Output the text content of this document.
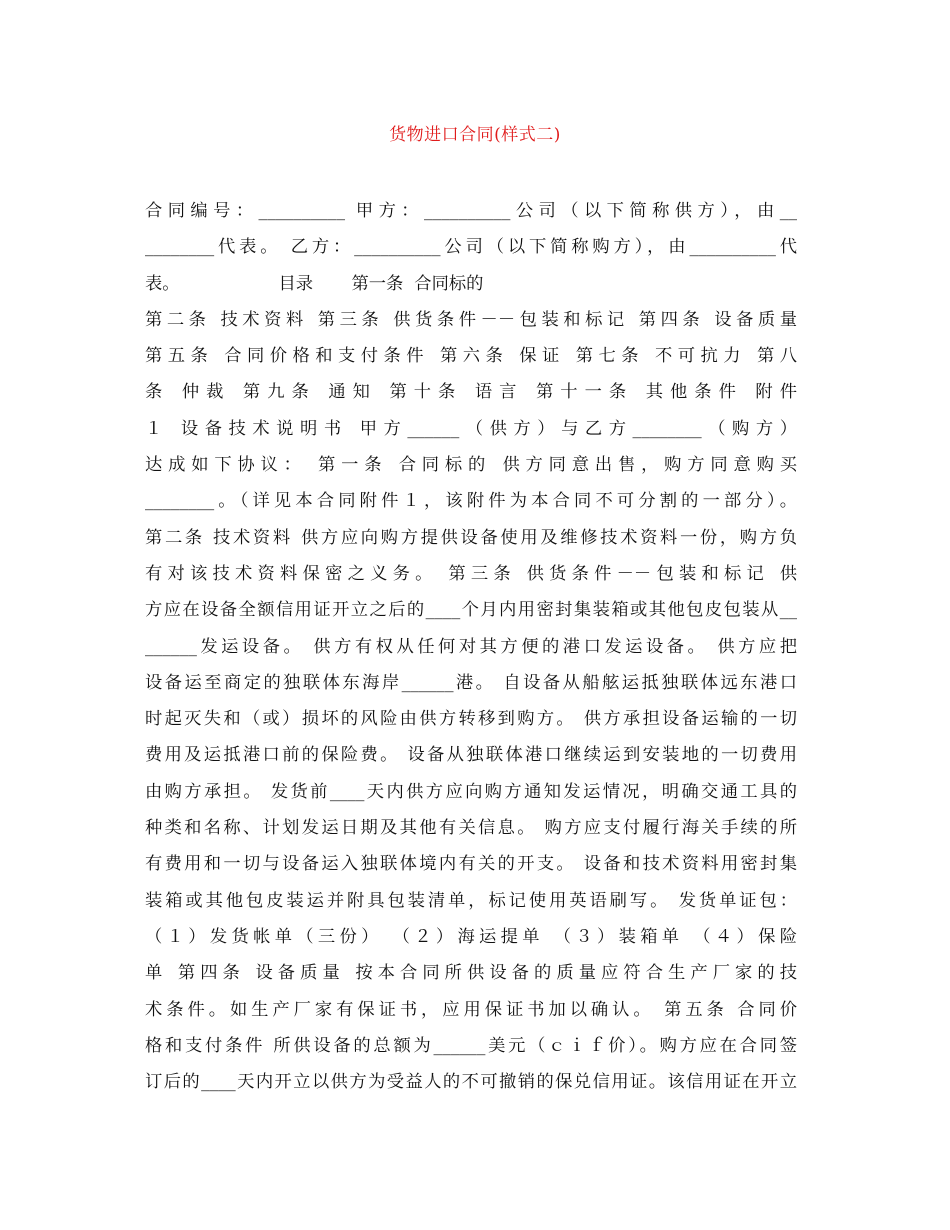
货物进口合同(样式二)
合同编号：__________ 甲方：__________公司（以下简称供方），由__
________代表。 乙方：__________公司（以下简称购方），由__________代
表。                  目录       第一条  合同标的
第二条 技术资料 第三条 供货条件－－包装和标记 第四条 设备质量
第五条 合同价格和支付条件 第六条 保证 第七条 不可抗力 第八
条 仲裁 第九条 通知 第十条 语言 第十一条 其他条件 附件
１ 设备技术说明书 甲方______（供方）与乙方________（购方）
达成如下协议： 第一条 合同标的 供方同意出售，购方同意购买
________。（详见本合同附件１，该附件为本合同不可分割的一部分）。
第二条 技术资料 供方应向购方提供设备使用及维修技术资料一份，购方负
有对该技术资料保密之义务。 第三条 供货条件－－包装和标记 供
方应在设备全额信用证开立之后的____个月内用密封集装箱或其他包皮包装从__
______发运设备。 供方有权从任何对其方便的港口发运设备。 供方应把
设备运至商定的独联体东海岸______港。 自设备从船舷运抵独联体远东港口
时起灭失和（或）损坏的风险由供方转移到购方。 供方承担设备运输的一切
费用及运抵港口前的保险费。 设备从独联体港口继续运到安装地的一切费用
由购方承担。 发货前____天内供方应向购方通知发运情况，明确交通工具的
种类和名称、计划发运日期及其他有关信息。 购方应支付履行海关手续的所
有费用和一切与设备运入独联体境内有关的开支。 设备和技术资料用密封集
装箱或其他包皮装运并附具包装清单，标记使用英语刷写。 发货单证包：
（１）发货帐单（三份） （２）海运提单 （３）装箱单 （４）保险
单 第四条 设备质量 按本合同所供设备的质量应符合生产厂家的技
术条件。如生产厂家有保证书，应用保证书加以确认。 第五条 合同价
格和支付条件 所供设备的总额为______美元（ｃｉｆ价）。购方应在合同签
订后的____天内开立以供方为受益人的不可撤销的保兑信用证。该信用证在开立
